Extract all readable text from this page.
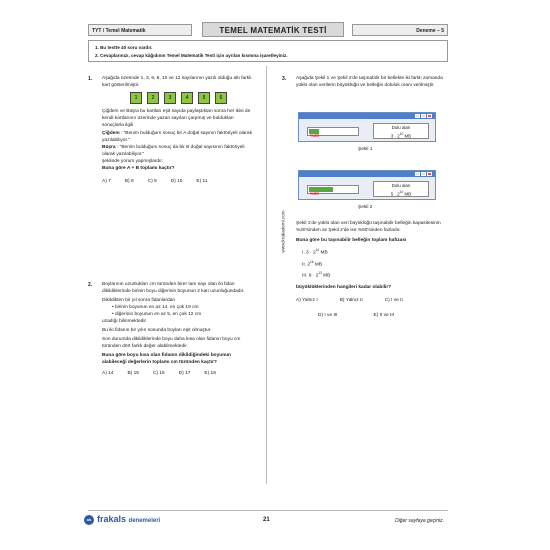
TYT / Temel Matematik	TEMEL MATEMATİK TESTİ	Deneme – 5
1. Bu testte 40 soru vardır.
2. Cevaplarınızı, cevap kâğıdının Temel Matematik Testi için ayrılan kısmına işaretleyiniz.
1. Aşağıda üzerinde 1, 3, 6, 8, 10 ve 12 sayılarının yazılı olduğu altı farklı kart gösterilmiştir.
1	2	3	4	5	6
Çiğdem ve Büşra bu kartları eşit sayıda paylaştıktan sonra her ikisi de kendi kartlarının üzerinde yazan sayıları çarpmış ve buldukları sonuçlarla ilgili
Çiğdem : "Benim bulduğum sonuç bir A doğal sayının faktöriyeli olarak yazılabiliyor."
Büşra : "Benim bulduğum sonuç da bir B doğal sayısının faktöriyeli olarak yazılabiliyor."
şeklinde yorum yapmışlardır.
Buna göre A + B toplamı kaçtır?
A) 7	B) 8	C) 9	D) 10	E) 11
2. Boylarının uzunlukları cm türünden birer tam sayı olan iki fidan dikildiklerinde birinin boyu diğerinin boyunun 2 katı uzunluğundadır.
Dikildikten bir yıl sonra fidanlardan
• birinin boyunun en az 14, en çok 19 cm
• diğerinin boyunun en az 5, en çok 12 cm
uzadığı bilinmektedir.
Bu iki fidanın bir yılın sonunda boyları eşit olmuştur.
Son durumda dikildiklerinde boyu daha kısa olan fidanın boyu cm türünden dört farklı değer alabilmektedir.
Buna göre boyu kısa olan fidanın dikildiğindeki boyunun alabileceği değerlerin toplamı cm türünden kaçtır?
A) 14	B) 15	C) 16	D) 17	E) 18
www.krakademi.com
3. Aşağıda Şekil 1 ve Şekil 2'de taşınabilir bir bellekte iki farklı zamanda yüklü olan verilerin büyüklüğü ve belleğin doluluk oranı verilmiştir.
%20
Dolu alan
$3 \cdot 2^{10}$ MB
Şekil 1
%50
Dolu alan
$5 \cdot 2^{10}$ MB
Şekil 2
Şekil 1'de yüklü olan veri büyüklüğü taşınabilir belleğin kapasitesinin %20'sinden az Şekil 2'de ise %50'sinden fazladır.
Buna göre bu taşınabilir belleğin toplam hafızası
I. $3 \cdot 2^{14}$ MB
II. $2^{16}$ MB
III. $9 \cdot 2^{13}$ MB
büyüklüklerinden hangileri kadar olabilir?
A) Yalnız I	B) Yalnız II	C) I ve II
D) I ve III	E) II ve III
ok frakals denemeleri	21	Diğer sayfaya geçiniz.
